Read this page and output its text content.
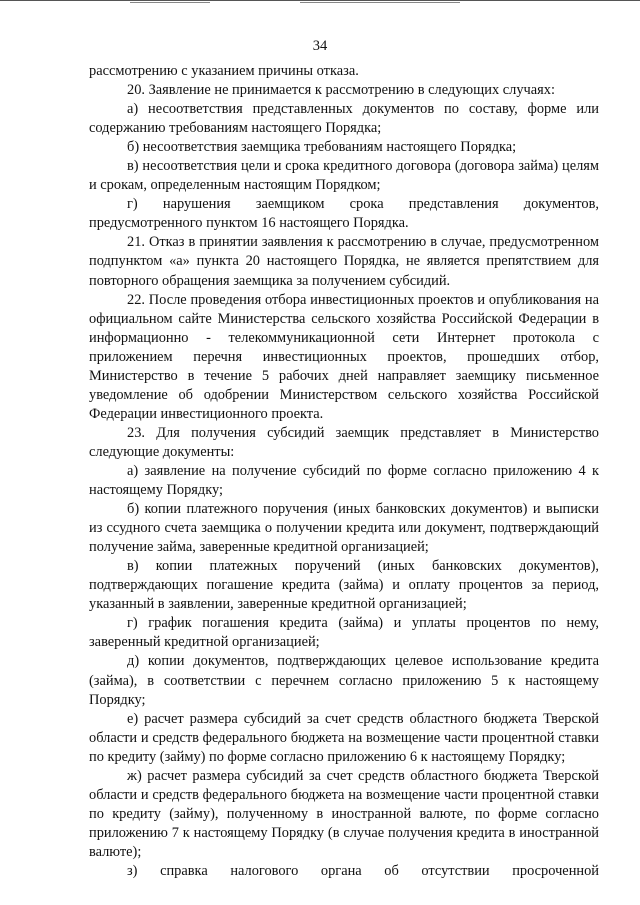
34

рассмотрению с указанием причины отказа.

20. Заявление не принимается к рассмотрению в следующих случаях:

а) несоответствия представленных документов по составу, форме или содержанию требованиям настоящего Порядка;

б) несоответствия заемщика требованиям настоящего Порядка;

в) несоответствия цели и срока кредитного договора (договора займа) целям и срокам, определенным настоящим Порядком;

г) нарушения заемщиком срока представления документов, предусмотренного пунктом 16 настоящего Порядка.

21. Отказ в принятии заявления к рассмотрению в случае, предусмотренном подпунктом «а» пункта 20 настоящего Порядка, не является препятствием для повторного обращения заемщика за получением субсидий.

22. После проведения отбора инвестиционных проектов и опубликования на официальном сайте Министерства сельского хозяйства Российской Федерации в информационно - телекоммуникационной сети Интернет протокола с приложением перечня инвестиционных проектов, прошедших отбор, Министерство в течение 5 рабочих дней направляет заемщику письменное уведомление об одобрении Министерством сельского хозяйства Российской Федерации инвестиционного проекта.

23. Для получения субсидий заемщик представляет в Министерство следующие документы:

а) заявление на получение субсидий по форме согласно приложению 4 к настоящему Порядку;

б) копии платежного поручения (иных банковских документов) и выписки из ссудного счета заемщика о получении кредита или документ, подтверждающий получение займа, заверенные кредитной организацией;

в) копии платежных поручений (иных банковских документов), подтверждающих погашение кредита (займа) и оплату процентов за период, указанный в заявлении, заверенные кредитной организацией;

г) график погашения кредита (займа) и уплаты процентов по нему, заверенный кредитной организацией;

д) копии документов, подтверждающих целевое использование кредита (займа), в соответствии с перечнем согласно приложению 5 к настоящему Порядку;

е) расчет размера субсидий за счет средств областного бюджета Тверской области и средств федерального бюджета на возмещение части процентной ставки по кредиту (займу) по форме согласно приложению 6 к настоящему Порядку;

ж) расчет размера субсидий за счет средств областного бюджета Тверской области и средств федерального бюджета на возмещение части процентной ставки по кредиту (займу), полученному в иностранной валюте, по форме согласно приложению 7 к настоящему Порядку (в случае получения кредита в иностранной валюте);

з) справка налогового органа об отсутствии просроченной
